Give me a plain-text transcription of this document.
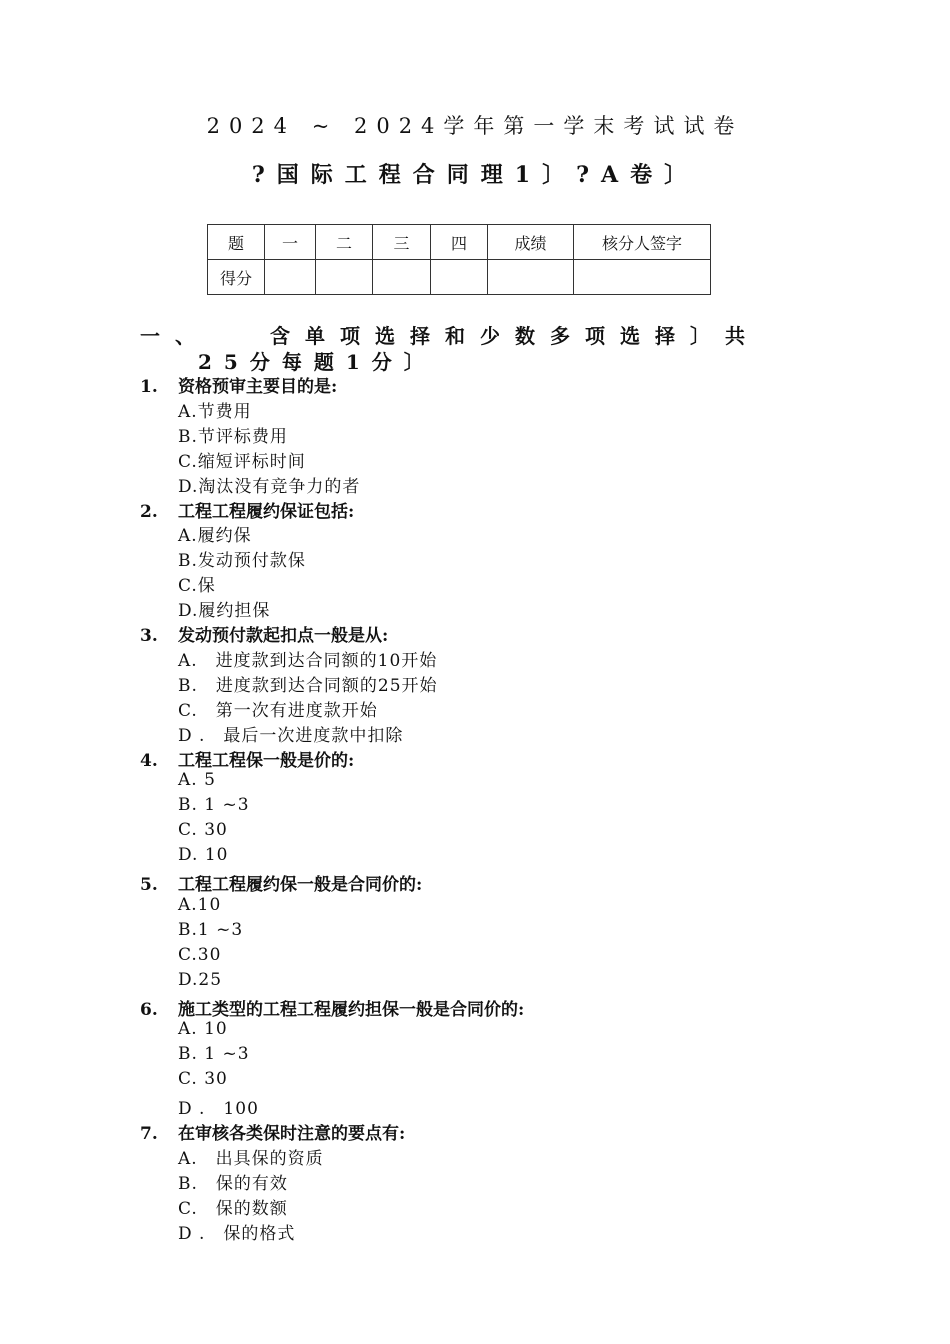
2024 ~ 2024学年第一学末考试试卷
?国际工程合同理1〕?A卷〕
题	一	二	三	四	成绩	核分人签字
得分						
一、　　含单项选择和少数多项选择〕共
25分每题1分〕
1. 资格预审主要目的是:
A.节费用
B.节评标费用
C.缩短评标时间
D.淘汰没有竞争力的者
2. 工程工程履约保证包括:
A.履约保
B.发动预付款保
C.保
D.履约担保
3. 发动预付款起扣点一般是从:
A.　进度款到达合同额的10开始
B.　进度款到达合同额的25开始
C.　第一次有进度款开始
D .　最后一次进度款中扣除
4. 工程工程保一般是价的:
A. 5
B. 1 ~3
C. 30
D. 10
5. 工程工程履约保一般是合同价的:
A.10
B.1 ~3
C.30
D.25
6. 施工类型的工程工程履约担保一般是合同价的:
A. 10
B. 1 ~3
C. 30
D .　100
7. 在审核各类保时注意的要点有:
A.　出具保的资质
B.　保的有效
C.　保的数额
D .　保的格式
